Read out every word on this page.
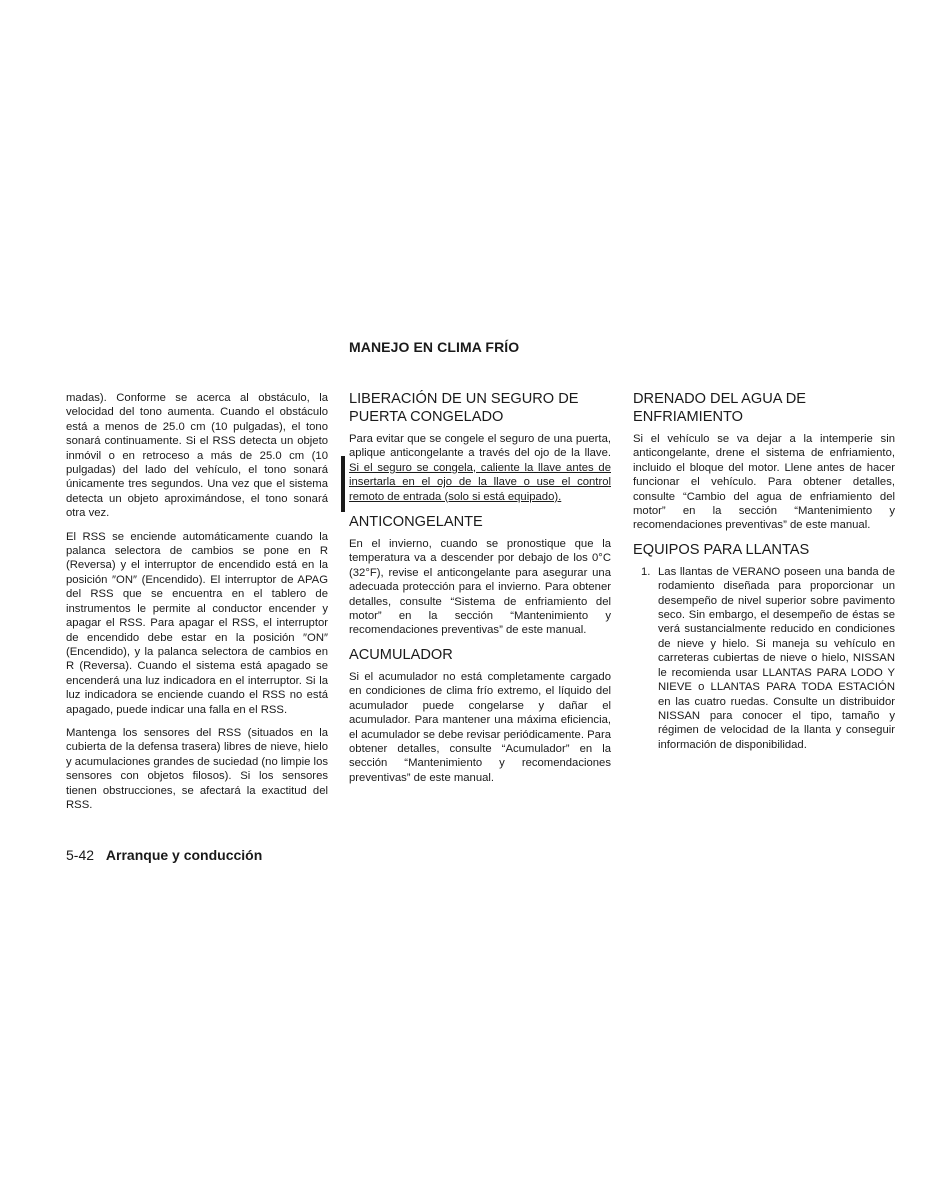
MANEJO EN CLIMA FRÍO

madas). Conforme se acerca al obstáculo, la velocidad del tono aumenta. Cuando el obstáculo está a menos de 25.0 cm (10 pulgadas), el tono sonará continuamente. Si el RSS detecta un objeto inmóvil o en retroceso a más de 25.0 cm (10 pulgadas) del lado del vehículo, el tono sonará únicamente tres segundos. Una vez que el sistema detecta un objeto aproximándose, el tono sonará otra vez.

El RSS se enciende automáticamente cuando la palanca selectora de cambios se pone en R (Reversa) y el interruptor de encendido está en la posición ″ON″ (Encendido). El interruptor de APAG del RSS que se encuentra en el tablero de instrumentos le permite al conductor encender y apagar el RSS. Para apagar el RSS, el interruptor de encendido debe estar en la posición ″ON″ (Encendido), y la palanca selectora de cambios en R (Reversa). Cuando el sistema está apagado se encenderá una luz indicadora en el interruptor. Si la luz indicadora se enciende cuando el RSS no está apagado, puede indicar una falla en el RSS.

Mantenga los sensores del RSS (situados en la cubierta de la defensa trasera) libres de nieve, hielo y acumulaciones grandes de suciedad (no limpie los sensores con objetos filosos). Si los sensores tienen obstrucciones, se afectará la exactitud del RSS.

LIBERACIÓN DE UN SEGURO DE PUERTA CONGELADO

Para evitar que se congele el seguro de una puerta, aplique anticongelante a través del ojo de la llave. Si el seguro se congela, caliente la llave antes de insertarla en el ojo de la llave o use el control remoto de entrada (solo si está equipado).

ANTICONGELANTE

En el invierno, cuando se pronostique que la temperatura va a descender por debajo de los 0°C (32°F), revise el anticongelante para asegurar una adecuada protección para el invierno. Para obtener detalles, consulte “Sistema de enfriamiento del motor” en la sección “Mantenimiento y recomendaciones preventivas” de este manual.

ACUMULADOR

Si el acumulador no está completamente cargado en condiciones de clima frío extremo, el líquido del acumulador puede congelarse y dañar el acumulador. Para mantener una máxima eficiencia, el acumulador se debe revisar periódicamente. Para obtener detalles, consulte “Acumulador” en la sección “Mantenimiento y recomendaciones preventivas” de este manual.

DRENADO DEL AGUA DE ENFRIAMIENTO

Si el vehículo se va dejar a la intemperie sin anticongelante, drene el sistema de enfriamiento, incluido el bloque del motor. Llene antes de hacer funcionar el vehículo. Para obtener detalles, consulte “Cambio del agua de enfriamiento del motor” en la sección “Mantenimiento y recomendaciones preventivas” de este manual.

EQUIPOS PARA LLANTAS
1. Las llantas de VERANO poseen una banda de rodamiento diseñada para proporcionar un desempeño de nivel superior sobre pavimento seco. Sin embargo, el desempeño de éstas se verá sustancialmente reducido en condiciones de nieve y hielo. Si maneja su vehículo en carreteras cubiertas de nieve o hielo, NISSAN le recomienda usar LLANTAS PARA LODO Y NIEVE o LLANTAS PARA TODA ESTACIÓN en las cuatro ruedas. Consulte un distribuidor NISSAN para conocer el tipo, tamaño y régimen de velocidad de la llanta y conseguir información de disponibilidad.
5-42 Arranque y conducción
